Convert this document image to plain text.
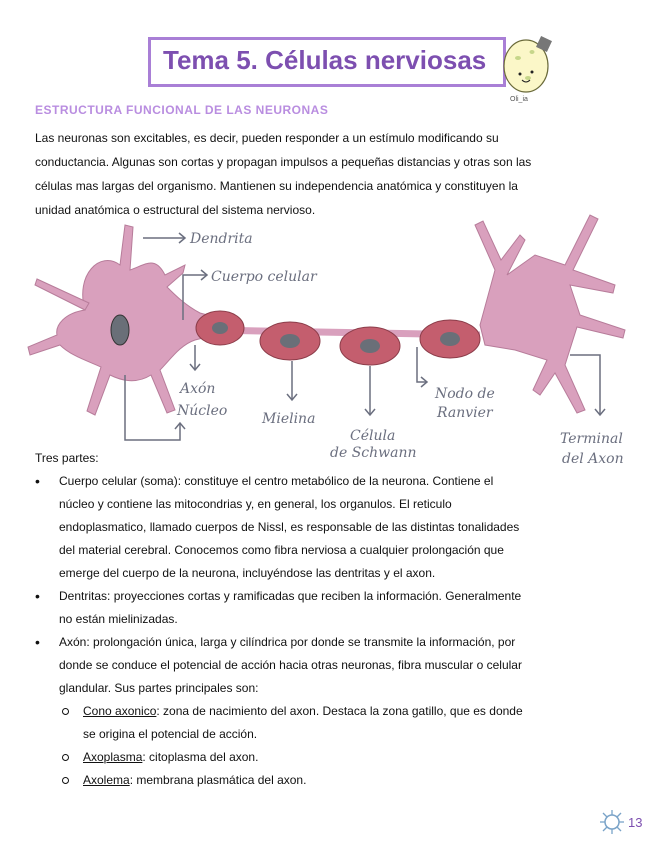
Tema 5. Células nerviosas
Oli_ia
ESTRUCTURA FUNCIONAL DE LAS NEURONAS
Las neuronas son excitables, es decir, pueden responder a un estímulo modificando su
conductancia. Algunas son cortas y propagan impulsos a pequeñas distancias y otras son las
células mas largas del organismo. Mantienen su independencia anatómica y constituyen la
unidad anatómica o estructural del sistema nervioso.
Dendrita
Cuerpo celular
Axón
Núcleo Mielina
Célula
de Schwann
Nodo de
Ranvier
Terminal
del Axon
Tres partes:
• Cuerpo celular (soma): constituye el centro metabólico de la neurona. Contiene el
núcleo y contiene las mitocondrias y, en general, los organulos. El reticulo
endoplasmatico, llamado cuerpos de Nissl, es responsable de las distintas tonalidades
del material cerebral. Conocemos como fibra nerviosa a cualquier prolongación que
emerge del cuerpo de la neurona, incluyéndose las dentritas y el axon.
• Dentritas: proyecciones cortas y ramificadas que reciben la información. Generalmente
no están mielinizadas.
• Axón: prolongación única, larga y cilíndrica por donde se transmite la información, por
donde se conduce el potencial de acción hacia otras neuronas, fibra muscular o celular
glandular. Sus partes principales son:
Cono axonico: zona de nacimiento del axon. Destaca la zona gatillo, que es donde
se origina el potencial de acción.
Axoplasma: citoplasma del axon.
Axolema: membrana plasmática del axon.
13
